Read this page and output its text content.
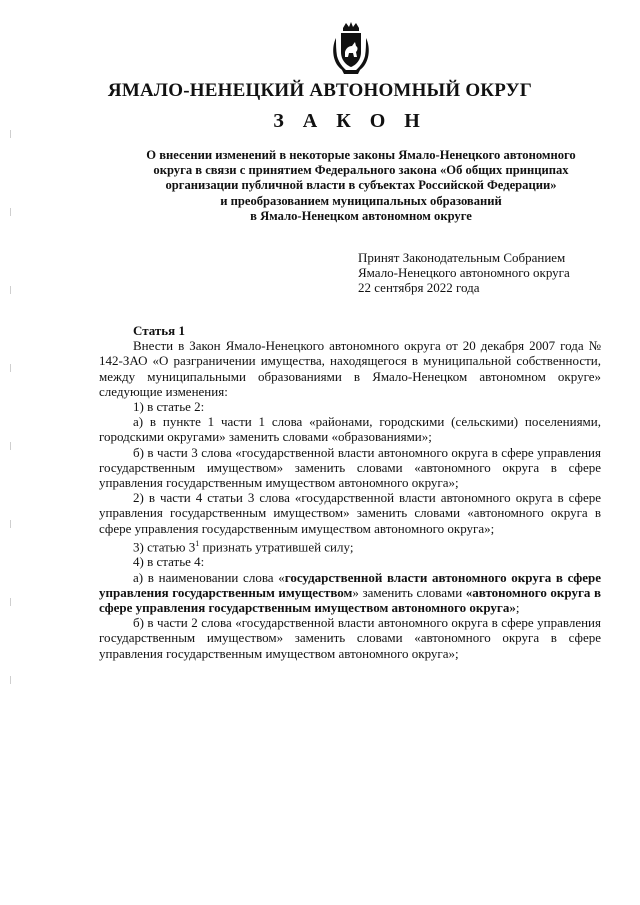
ЯМАЛО-НЕНЕЦКИЙ АВТОНОМНЫЙ ОКРУГ
З А К О Н
О внесении изменений в некоторые законы Ямало-Ненецкого автономного
округа в связи с принятием Федерального закона «Об общих принципах
организации публичной власти в субъектах Российской Федерации»
и преобразованием муниципальных образований
в Ямало-Ненецком автономном округе
Принят Законодательным Собранием
Ямало-Ненецкого автономного округа
22 сентября 2022 года
Статья 1

Внести в Закон Ямало-Ненецкого автономного округа от 20 декабря 2007 года № 142-ЗАО «О разграничении имущества, находящегося в муниципальной собственности, между муниципальными образованиями в Ямало-Ненецком автономном округе» следующие изменения:

1) в статье 2:

а) в пункте 1 части 1 слова «районами, городскими (сельскими) поселениями, городскими округами» заменить словами «образованиями»;

б) в части 3 слова «государственной власти автономного округа в сфере управления государственным имуществом» заменить словами «автономного округа в сфере управления государственным имуществом автономного округа»;

2) в части 4 статьи 3 слова «государственной власти автономного округа в сфере управления государственным имуществом» заменить словами «автономного округа в сфере управления государственным имуществом автономного округа»;

3) статью $3^1$ признать утратившей силу;

4) в статье 4:

а) в наименовании слова «государственной власти автономного округа в сфере управления государственным имуществом» заменить словами «автономного округа в сфере управления государственным имуществом автономного округа»;

б) в части 2 слова «государственной власти автономного округа в сфере управления государственным имуществом» заменить словами «автономного округа в сфере управления государственным имуществом автономного округа»;
